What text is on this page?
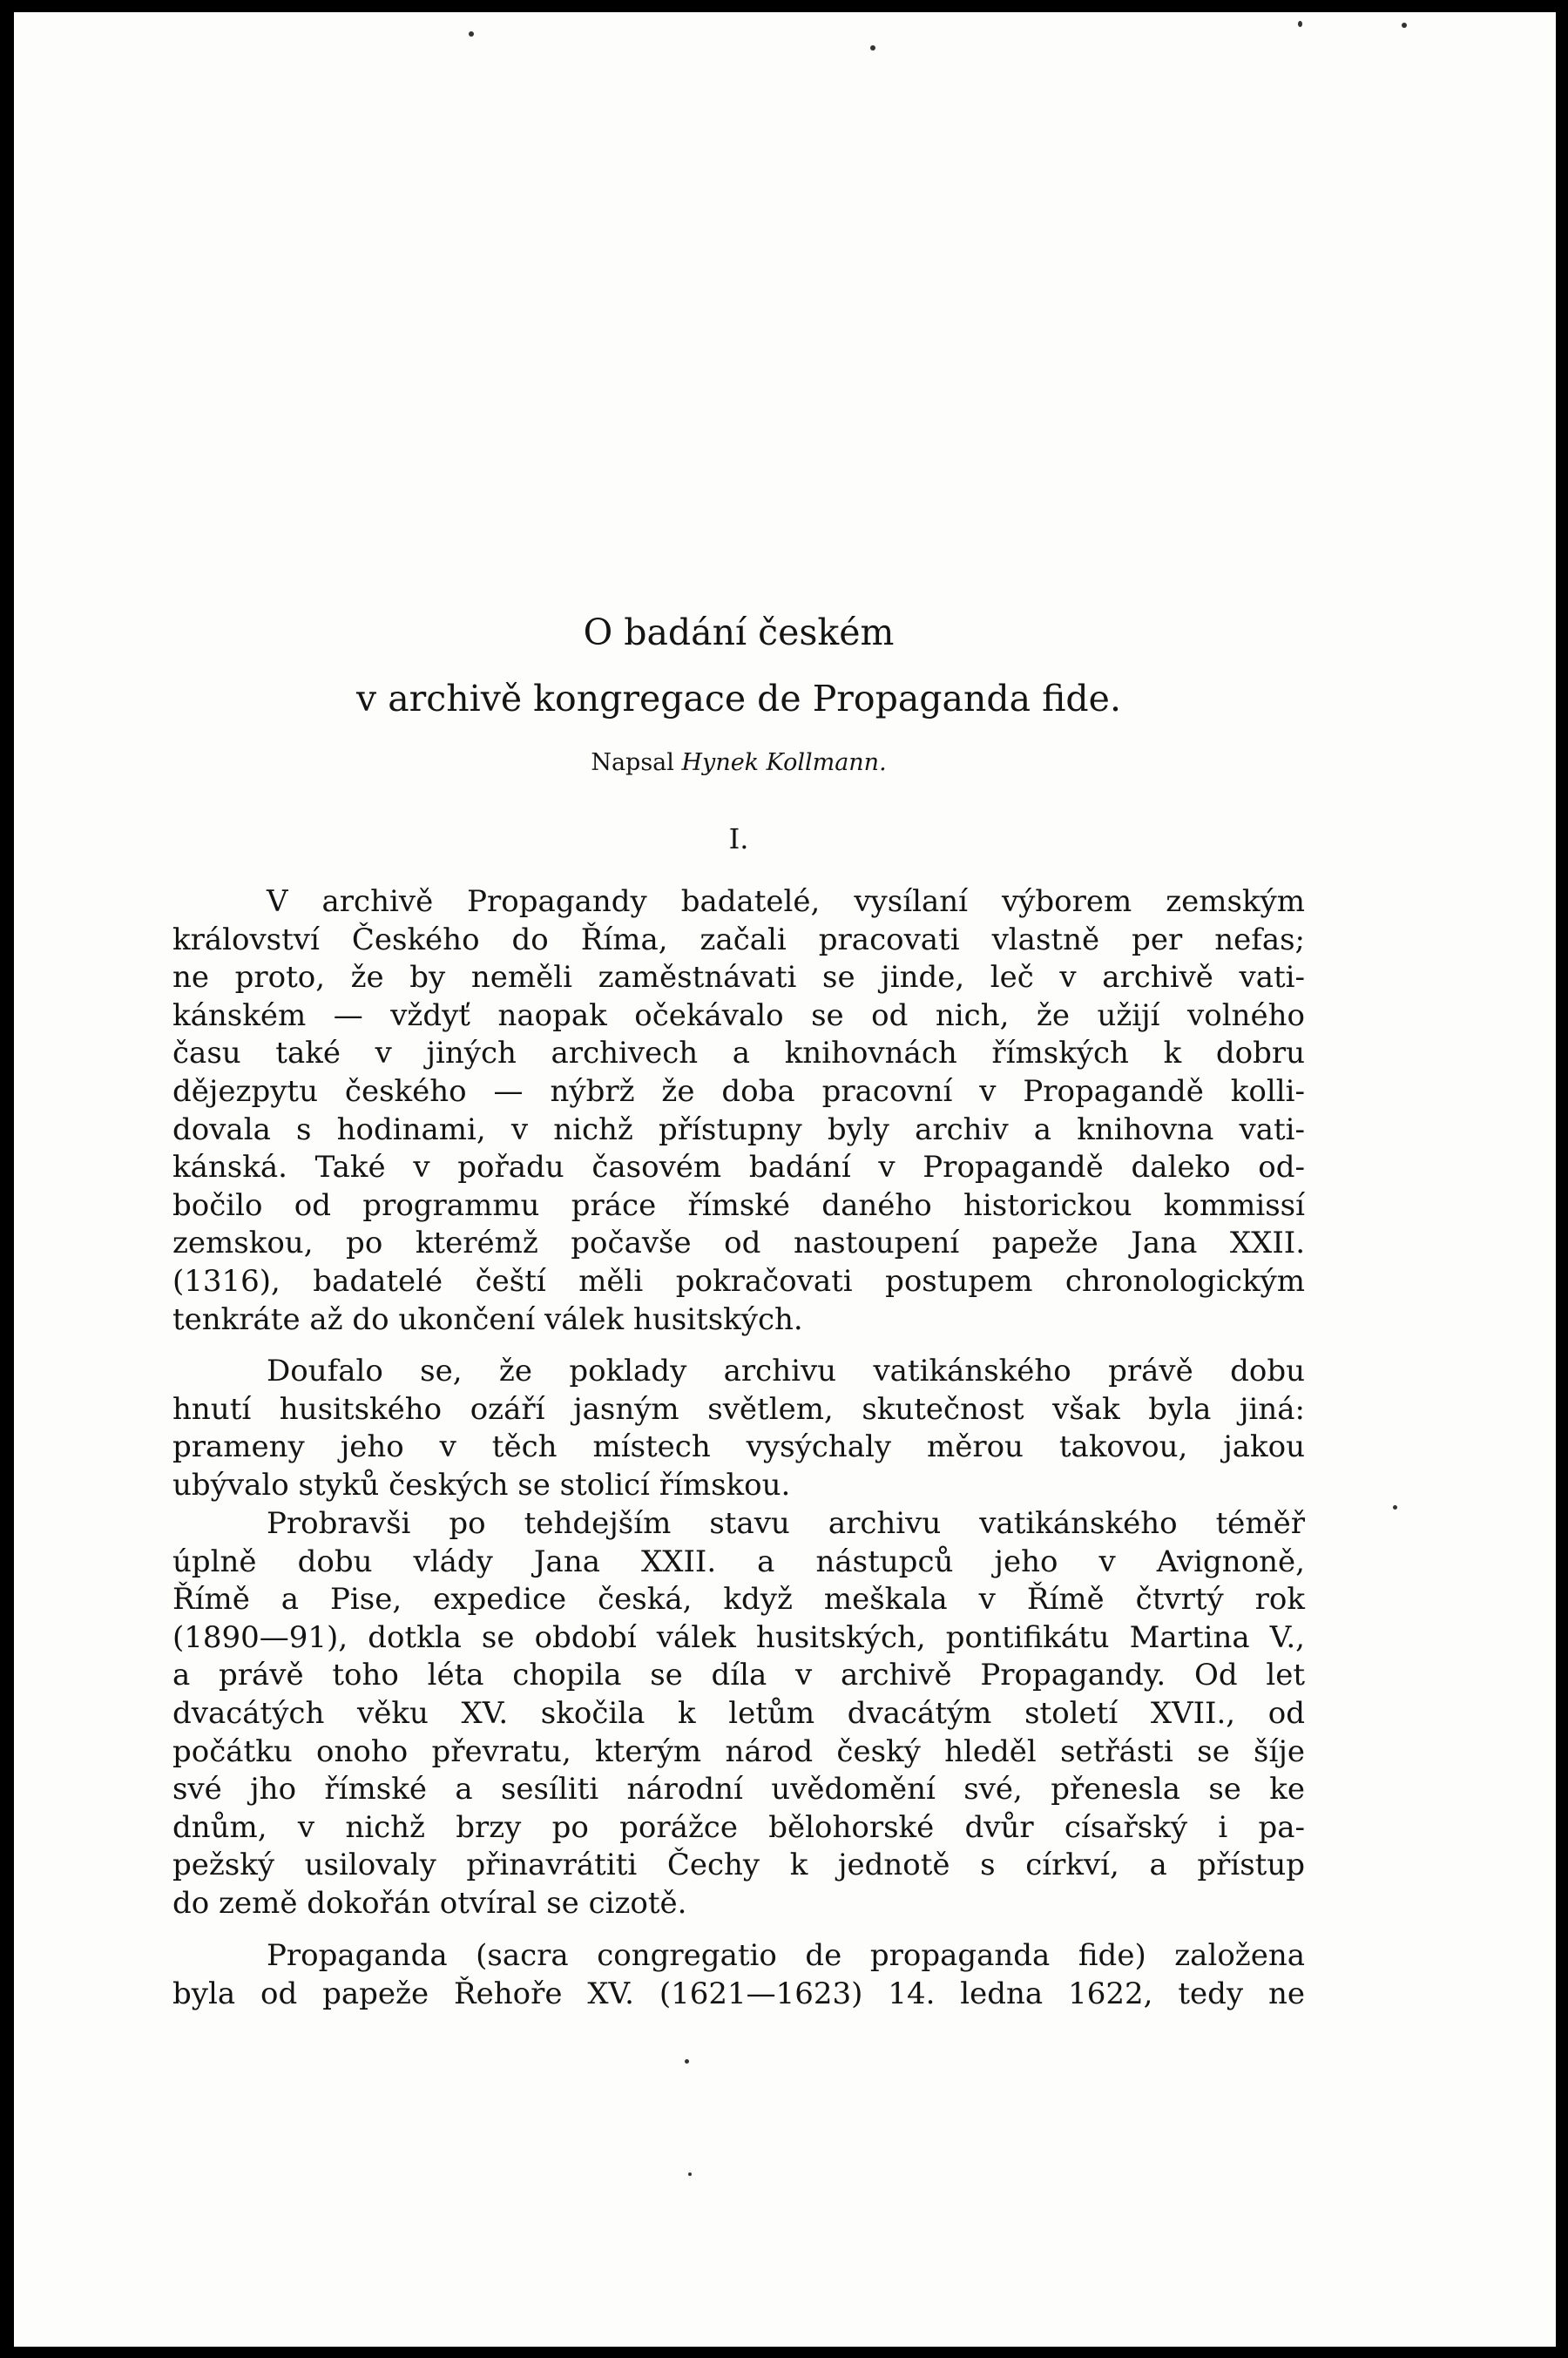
O badání českém
v archivě kongregace de Propaganda fide.
Napsal Hynek Kollmann.
I.
V archivě Propagandy badatelé, vysílaní výborem zemským
království Českého do Říma, začali pracovati vlastně per nefas;
ne proto, že by neměli zaměstnávati se jinde, leč v archivě vati-
kánském — vždyť naopak očekávalo se od nich, že užijí volného
času také v jiných archivech a knihovnách římských k dobru
dějezpytu českého — nýbrž že doba pracovní v Propagandě kolli-
dovala s hodinami, v nichž přístupny byly archiv a knihovna vati-
kánská. Také v pořadu časovém badání v Propagandě daleko od-
bočilo od programmu práce římské daného historickou kommissí
zemskou, po kterémž počavše od nastoupení papeže Jana XXII.
(1316), badatelé čeští měli pokračovati postupem chronologickým
tenkráte až do ukončení válek husitských.
Doufalo se, že poklady archivu vatikánského právě dobu
hnutí husitského ozáří jasným světlem, skutečnost však byla jiná:
prameny jeho v těch místech vysýchaly měrou takovou, jakou
ubývalo styků českých se stolicí římskou.
Probravši po tehdejším stavu archivu vatikánského téměř
úplně dobu vlády Jana XXII. a nástupců jeho v Avignoně,
Římě a Pise, expedice česká, když meškala v Římě čtvrtý rok
(1890—91), dotkla se období válek husitských, pontifikátu Martina V.,
a právě toho léta chopila se díla v archivě Propagandy. Od let
dvacátých věku XV. skočila k letům dvacátým století XVII., od
počátku onoho převratu, kterým národ český hleděl setřásti se šíje
své jho římské a sesíliti národní uvědomění své, přenesla se ke
dnům, v nichž brzy po porážce bělohorské dvůr císařský i pa-
pežský usilovaly přinavrátiti Čechy k jednotě s církví, a přístup
do země dokořán otvíral se cizotě.
Propaganda (sacra congregatio de propaganda fide) založena
byla od papeže Řehoře XV. (1621—1623) 14. ledna 1622, tedy ne
